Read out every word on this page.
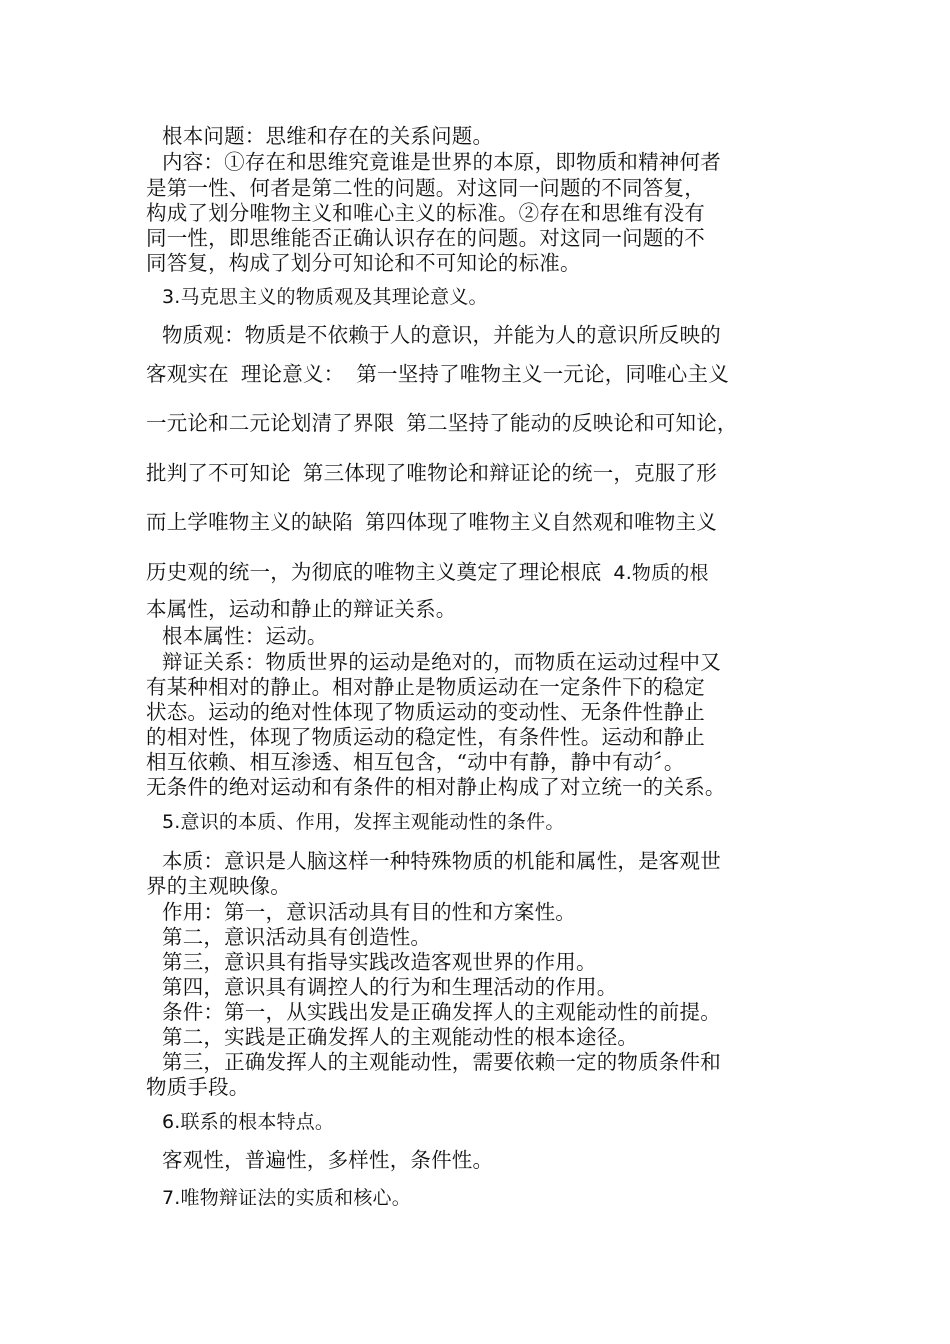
根本问题：思维和存在的关系问题。
内容：①存在和思维究竟谁是世界的本原，即物质和精神何者
是第一性、何者是第二性的问题。对这同一问题的不同答复，
构成了划分唯物主义和唯心主义的标准。②存在和思维有没有
同一性，即思维能否正确认识存在的问题。对这同一问题的不
同答复，构成了划分可知论和不可知论的标准。
3.马克思主义的物质观及其理论意义。
物质观：物质是不依赖于人的意识，并能为人的意识所反映的
客观实在 理论意义： 第一坚持了唯物主义一元论，同唯心主义
一元论和二元论划清了界限 第二坚持了能动的反映论和可知论，
批判了不可知论 第三体现了唯物论和辩证论的统一，克服了形
而上学唯物主义的缺陷 第四体现了唯物主义自然观和唯物主义
历史观的统一，为彻底的唯物主义奠定了理论根底 4.物质的根
本属性，运动和静止的辩证关系。
根本属性：运动。
辩证关系：物质世界的运动是绝对的，而物质在运动过程中又
有某种相对的静止。相对静止是物质运动在一定条件下的稳定
状态。运动的绝对性体现了物质运动的变动性、无条件性静止
的相对性，体现了物质运动的稳定性，有条件性。运动和静止
相互依赖、相互渗透、相互包含，“动中有静，静中有动〞。
无条件的绝对运动和有条件的相对静止构成了对立统一的关系。
5.意识的本质、作用，发挥主观能动性的条件。
本质：意识是人脑这样一种特殊物质的机能和属性，是客观世
界的主观映像。
作用：第一，意识活动具有目的性和方案性。
第二，意识活动具有创造性。
第三，意识具有指导实践改造客观世界的作用。
第四，意识具有调控人的行为和生理活动的作用。
条件：第一，从实践出发是正确发挥人的主观能动性的前提。
第二，实践是正确发挥人的主观能动性的根本途径。
第三，正确发挥人的主观能动性，需要依赖一定的物质条件和
物质手段。
6.联系的根本特点。
客观性，普遍性，多样性，条件性。
7.唯物辩证法的实质和核心。
